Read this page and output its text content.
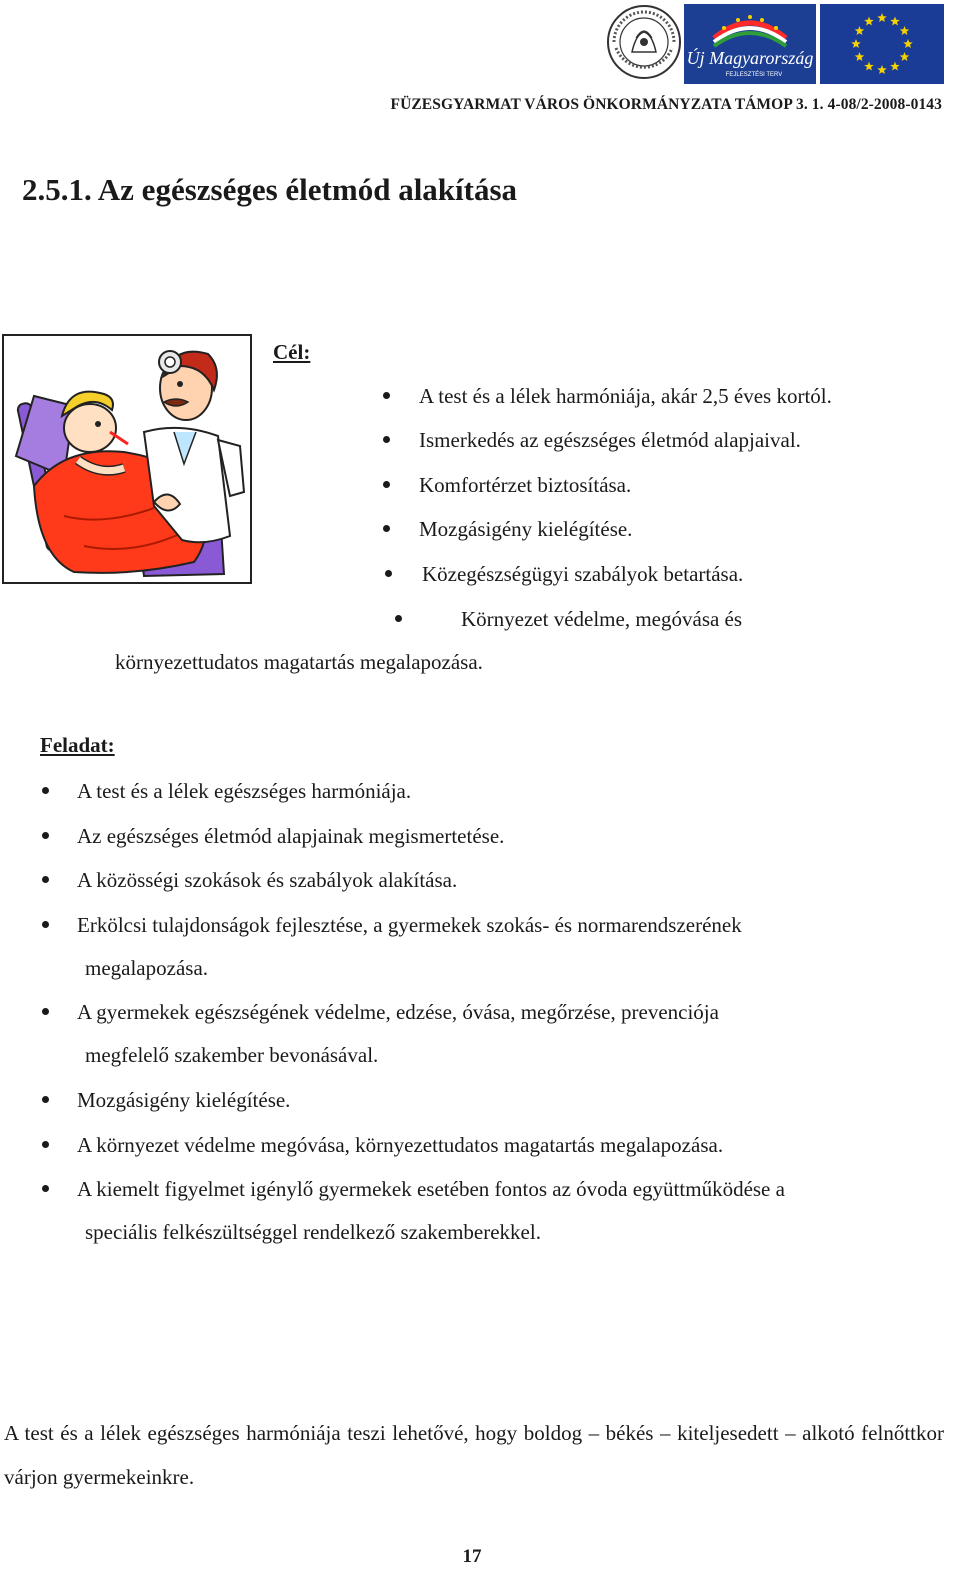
Új Magyarország
FEJLESZTÉSI TERV
FÜZESGYARMAT VÁROS ÖNKORMÁNYZATA TÁMOP 3. 1. 4-08/2-2008-0143
2.5.1. Az egészséges életmód alakítása
Cél:
A test és a lélek harmóniája, akár 2,5 éves kortól.
Ismerkedés az egészséges életmód alapjaival.
Komfortérzet biztosítása.
Mozgásigény kielégítése.
Közegészségügyi szabályok betartása.
Környezet védelme, megóvása és
környezettudatos magatartás megalapozása.
Feladat:
A test és a lélek egészséges harmóniája.
Az egészséges életmód alapjainak megismertetése.
A közösségi szokások és szabályok alakítása.
Erkölcsi tulajdonságok fejlesztése, a gyermekek szokás- és normarendszerének
megalapozása.
A gyermekek egészségének védelme, edzése, óvása, megőrzése, prevenciója
megfelelő szakember bevonásával.
Mozgásigény kielégítése.
A környezet védelme megóvása, környezettudatos magatartás megalapozása.
A kiemelt figyelmet igénylő gyermekek esetében fontos az óvoda együttműködése a
speciális felkészültséggel rendelkező szakemberekkel.
A test és a lélek egészséges harmóniája teszi lehetővé, hogy boldog – békés – kiteljesedett – alkotó felnőttkor várjon gyermekeinkre.
17
